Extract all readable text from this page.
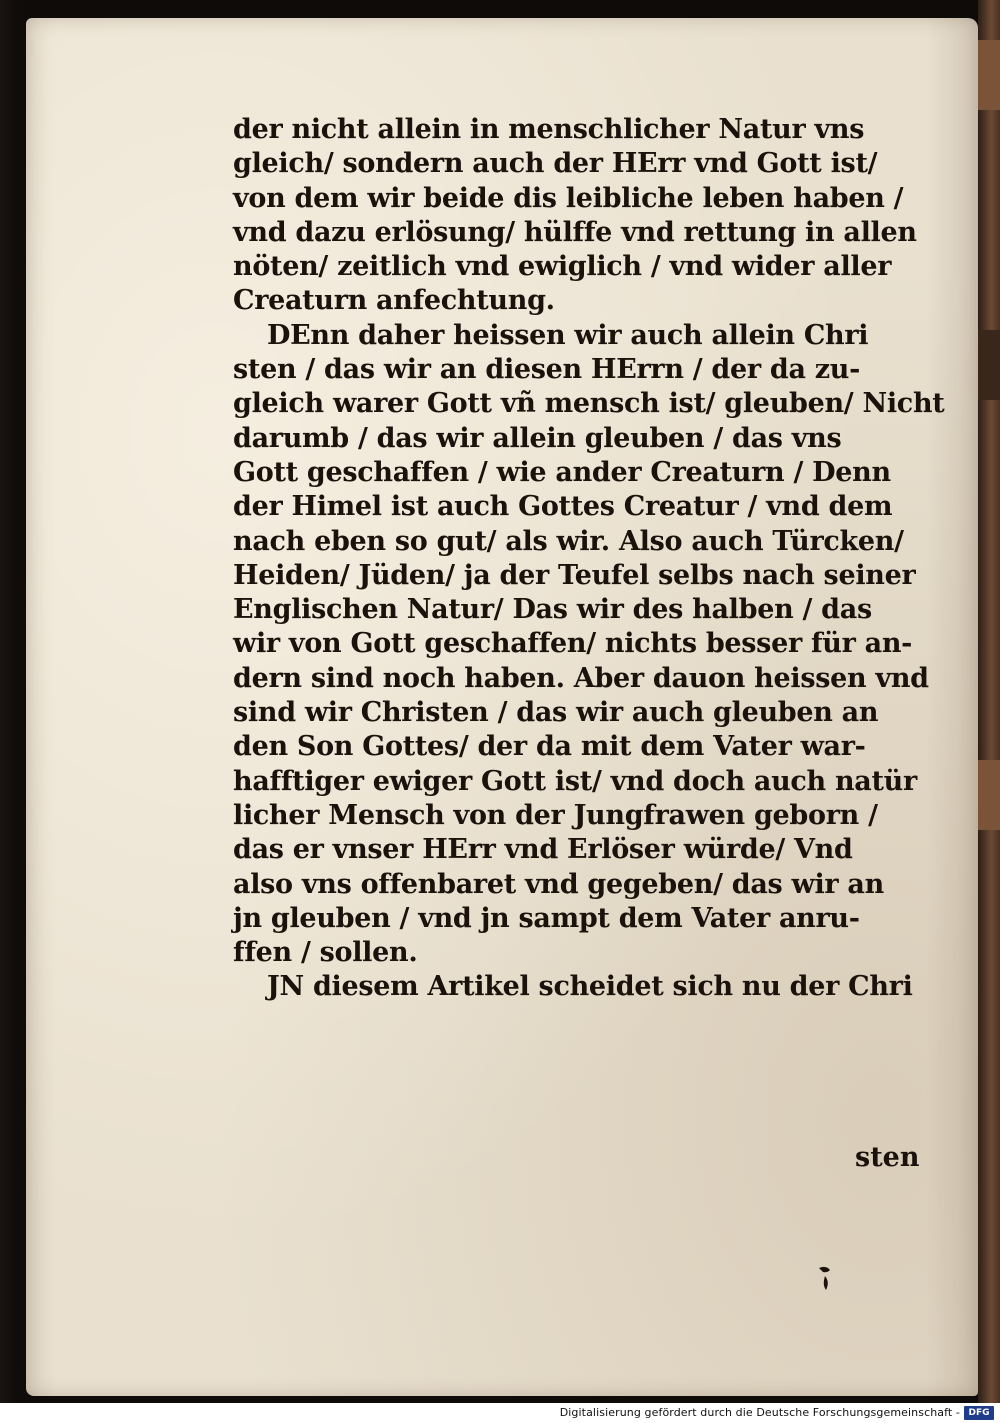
der nicht allein in menschlicher Natur vns
gleich/ sondern auch der HErr vnd Gott ist/
von dem wir beide dis leibliche leben haben /
vnd dazu erlösung/ hülffe vnd rettung in allen
nöten/ zeitlich vnd ewiglich / vnd wider aller
Creaturn anfechtung.
DEnn daher heissen wir auch allein Chri
sten / das wir an diesen HErrn / der da zu-
gleich warer Gott vñ mensch ist/ gleuben/ Nicht
darumb / das wir allein gleuben / das vns
Gott geschaffen / wie ander Creaturn / Denn
der Himel ist auch Gottes Creatur / vnd dem
nach eben so gut/ als wir. Also auch Türcken/
Heiden/ Jüden/ ja der Teufel selbs nach seiner
Englischen Natur/ Das wir des halben / das
wir von Gott geschaffen/ nichts besser für an-
dern sind noch haben. Aber dauon heissen vnd
sind wir Christen / das wir auch gleuben an
den Son Gottes/ der da mit dem Vater war-
hafftiger ewiger Gott ist/ vnd doch auch natür
licher Mensch von der Jungfrawen geborn /
das er vnser HErr vnd Erlöser würde/ Vnd
also vns offenbaret vnd gegeben/ das wir an
jn gleuben / vnd jn sampt dem Vater anru-
ffen / sollen.
JN diesem Artikel scheidet sich nu der Chri
sten
Digitalisierung gefördert durch die Deutsche Forschungsgemeinschaft - DFG
